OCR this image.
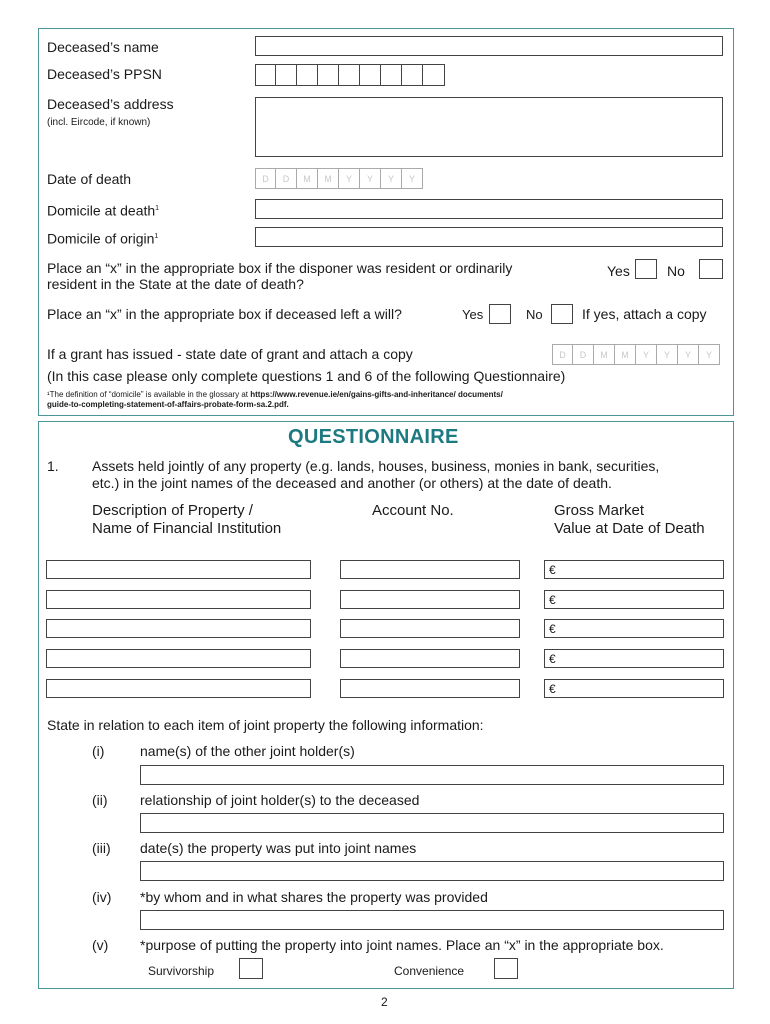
Deceased’s name
Deceased’s PPSN
Deceased’s address
(incl. Eircode, if known)
Date of death	D	D	M	M	Y	Y	Y	Y
Domicile at death$^1$
Domicile of origin$^1$
Place an “x” in the appropriate box if the disponer was resident or ordinarily
resident in the State at the date of death?
Yes	No
Place an “x” in the appropriate box if deceased left a will?	Yes	No	If yes, attach a copy
If a grant has issued - state date of grant and attach a copy	D	D	M	M	Y	Y	Y	Y
(In this case please only complete questions 1 and 6 of the following Questionnaire)
¹The definition of “domicile” is available in the glossary at https://www.revenue.ie/en/gains-gifts-and-inheritance/ documents/
guide-to-completing-statement-of-affairs-probate-form-sa.2.pdf.
QUESTIONNAIRE
1. Assets held jointly of any property (e.g. lands, houses, business, monies in bank, securities,
etc.) in the joint names of the deceased and another (or others) at the date of death.
Description of Property /
Name of Financial Institution
Account No.	Gross Market
Value at Date of Death
€
€
€
€
€
State in relation to each item of joint property the following information:
(i)	name(s) of the other joint holder(s)
(ii) relationship of joint holder(s) to the deceased
(iii) date(s) the property was put into joint names
(iv) *by whom and in what shares the property was provided
(v) *purpose of putting the property into joint names. Place an “x” in the appropriate box.
Survivorship	Convenience
2
